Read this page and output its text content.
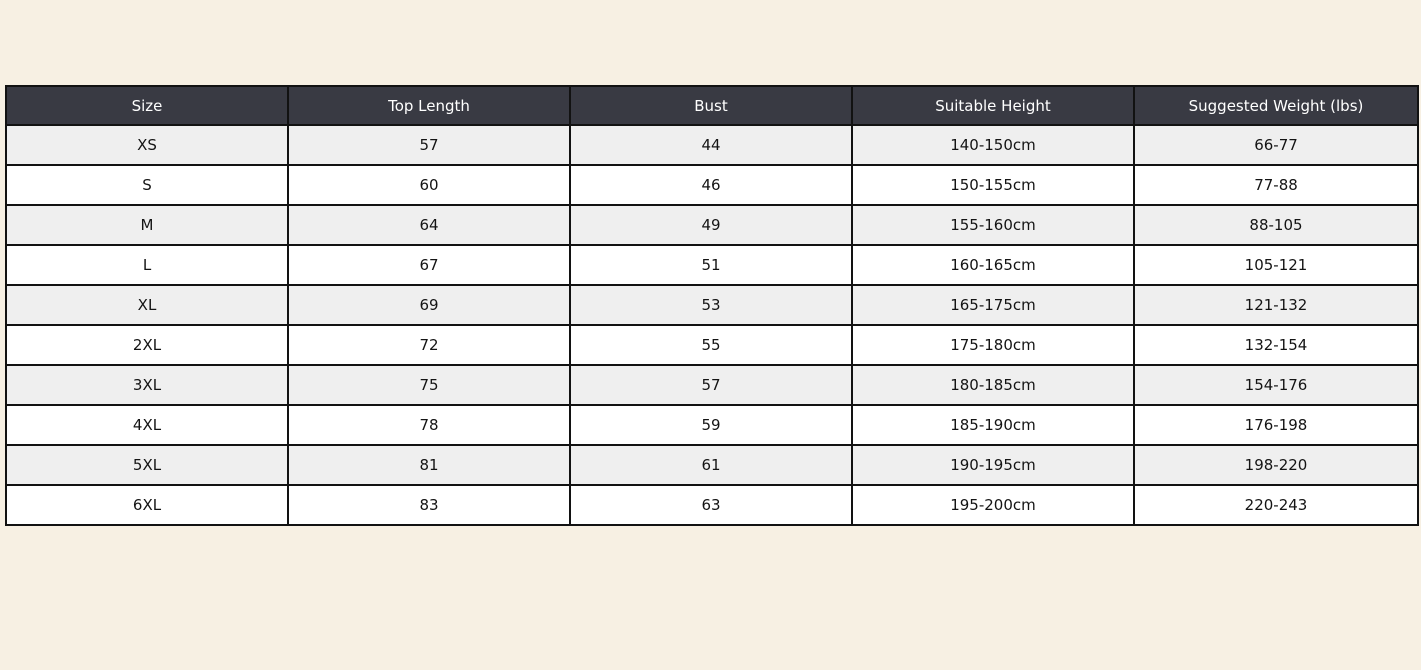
Size	Top Length	Bust	Suitable Height	Suggested Weight (lbs)
XS	57	44	140-150cm	66-77
S	60	46	150-155cm	77-88
M	64	49	155-160cm	88-105
L	67	51	160-165cm	105-121
XL	69	53	165-175cm	121-132
2XL	72	55	175-180cm	132-154
3XL	75	57	180-185cm	154-176
4XL	78	59	185-190cm	176-198
5XL	81	61	190-195cm	198-220
6XL	83	63	195-200cm	220-243
